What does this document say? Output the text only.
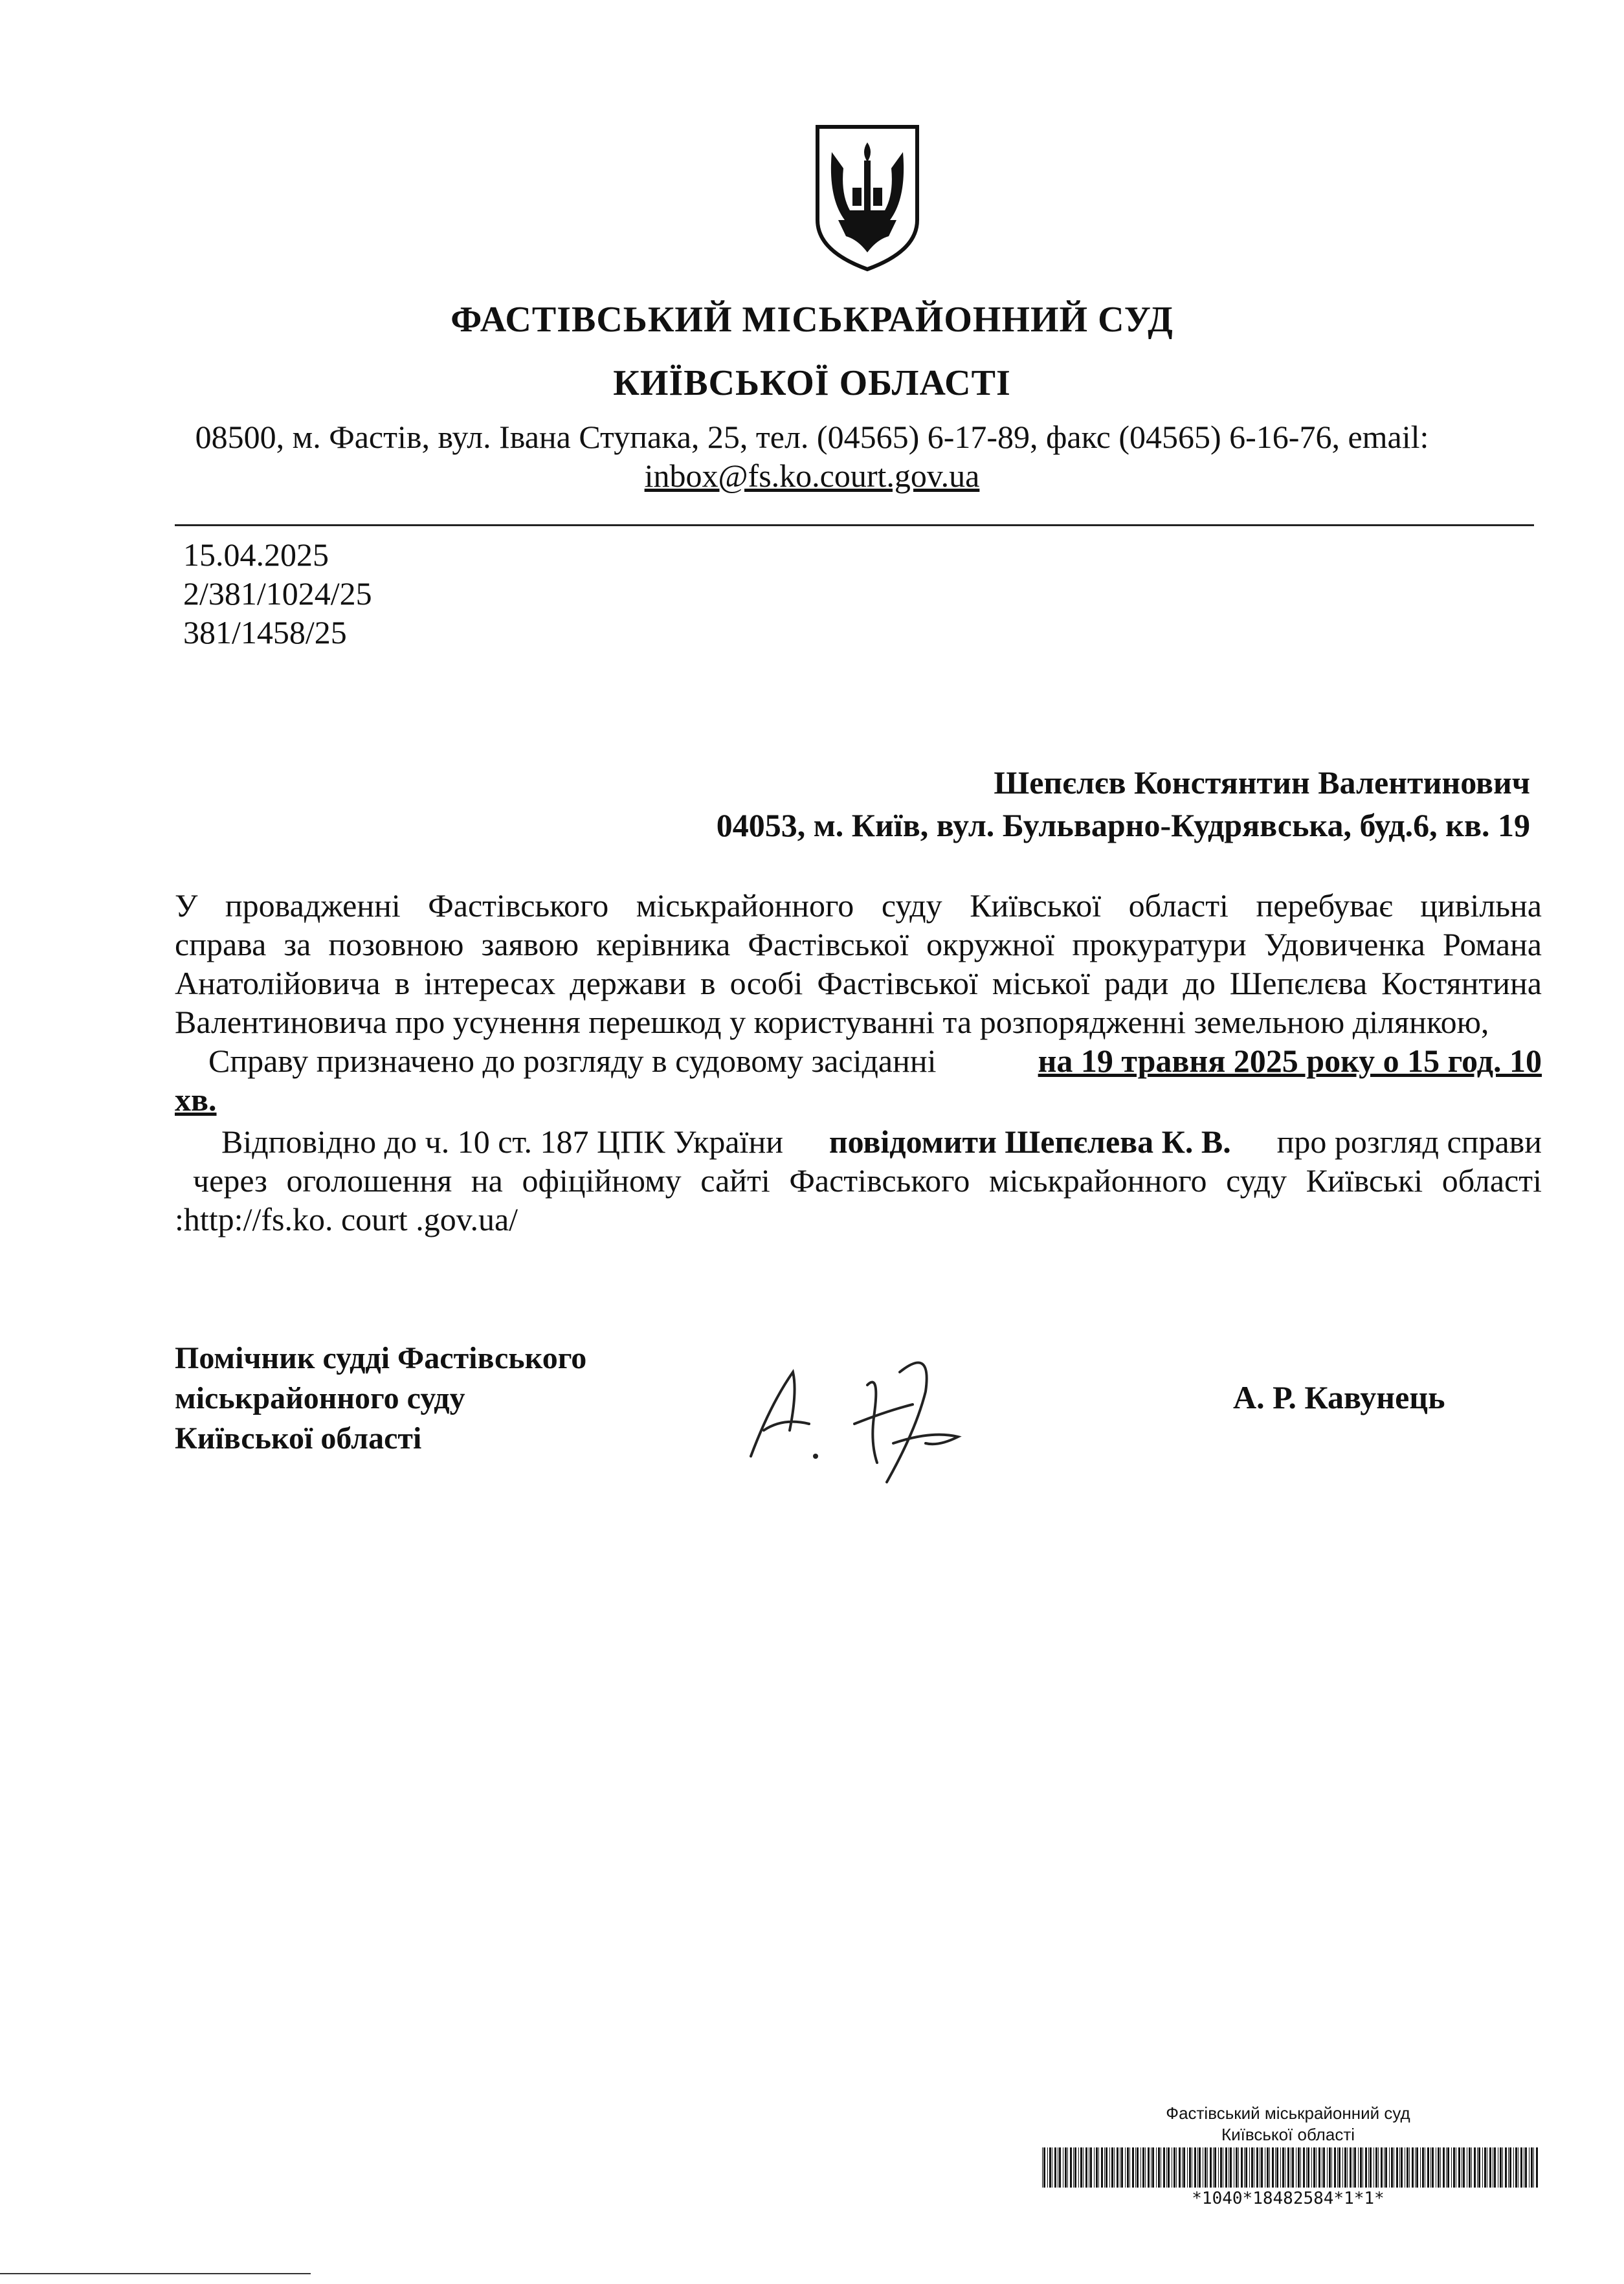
ФАСТІВСЬКИЙ МІСЬКРАЙОННИЙ СУД
КИЇВСЬКОЇ ОБЛАСТІ
08500, м. Фастів, вул. Івана Ступака, 25, тел. (04565) 6-17-89, факс (04565) 6-16-76, email:
inbox@fs.ko.court.gov.ua
15.04.2025
2/381/1024/25
381/1458/25
Шепєлєв Констянтин Валентинович
04053, м. Київ, вул. Бульварно-Кудрявська, буд.6, кв. 19
У провадженні Фастівського міськрайонного суду Київської області перебуває цивільна
справа за позовною заявою керівника Фастівської окружної прокуратури Удовиченка Романа
Анатолійовича в інтересах держави в особі Фастівської міської ради до Шепєлєва Костянтина
Валентиновича про усунення перешкод у користуванні та розпорядженні земельною ділянкою,
Справу призначено до розгляду в судовому засіданні	на 19 травня 2025 року о 15 год. 10
хв.
Відповідно до ч. 10 ст. 187 ЦПК України повідомити Шепєлева К. В. про розгляд справи
через оголошення на офіційному сайті Фастівського міськрайонного суду Київські області
:http://fs.ko. court .gov.ua/
Помічник судді Фастівського
міськрайонного суду
Київської області
А. Р. Кавунець
Фастівський міськрайонний суд
Київської області
*1040*18482584*1*1*
